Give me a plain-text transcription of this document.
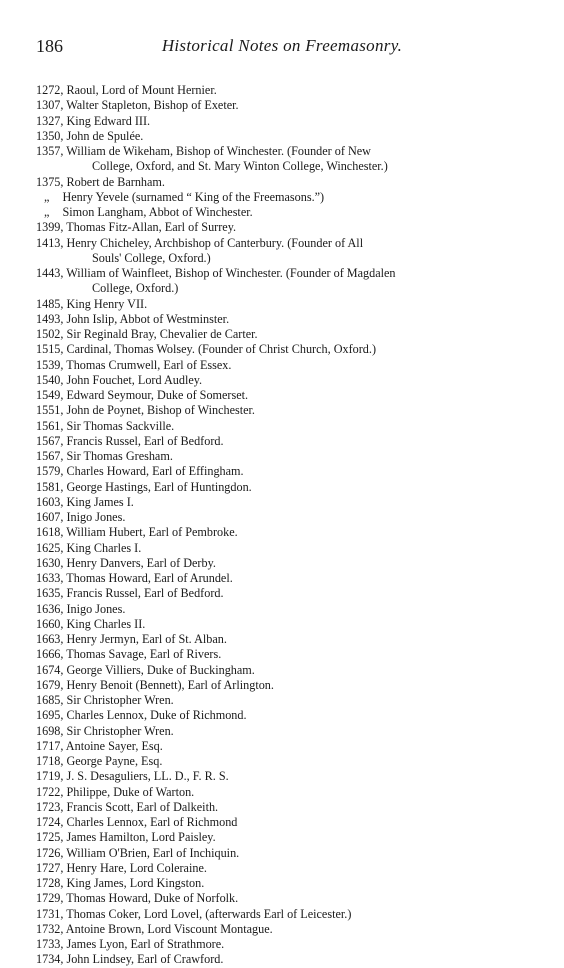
186	Historical Notes on Freemasonry.
1272, Raoul, Lord of Mount Hernier.
1307, Walter Stapleton, Bishop of Exeter.
1327, King Edward III.
1350, John de Spulée.
1357, William de Wikeham, Bishop of Winchester. (Founder of New
College, Oxford, and St. Mary Winton College, Winchester.)
1375, Robert de Barnham.
„ Henry Yevele (surnamed “ King of the Freemasons.”)
„ Simon Langham, Abbot of Winchester.
1399, Thomas Fitz-Allan, Earl of Surrey.
1413, Henry Chicheley, Archbishop of Canterbury. (Founder of All
Souls' College, Oxford.)
1443, William of Wainfleet, Bishop of Winchester. (Founder of Magdalen
College, Oxford.)
1485, King Henry VII.
1493, John Islip, Abbot of Westminster.
1502, Sir Reginald Bray, Chevalier de Carter.
1515, Cardinal, Thomas Wolsey. (Founder of Christ Church, Oxford.)
1539, Thomas Crumwell, Earl of Essex.
1540, John Fouchet, Lord Audley.
1549, Edward Seymour, Duke of Somerset.
1551, John de Poynet, Bishop of Winchester.
1561, Sir Thomas Sackville.
1567, Francis Russel, Earl of Bedford.
1567, Sir Thomas Gresham.
1579, Charles Howard, Earl of Effingham.
1581, George Hastings, Earl of Huntingdon.
1603, King James I.
1607, Inigo Jones.
1618, William Hubert, Earl of Pembroke.
1625, King Charles I.
1630, Henry Danvers, Earl of Derby.
1633, Thomas Howard, Earl of Arundel.
1635, Francis Russel, Earl of Bedford.
1636, Inigo Jones.
1660, King Charles II.
1663, Henry Jermyn, Earl of St. Alban.
1666, Thomas Savage, Earl of Rivers.
1674, George Villiers, Duke of Buckingham.
1679, Henry Benoit (Bennett), Earl of Arlington.
1685, Sir Christopher Wren.
1695, Charles Lennox, Duke of Richmond.
1698, Sir Christopher Wren.
1717, Antoine Sayer, Esq.
1718, George Payne, Esq.
1719, J. S. Desaguliers, LL. D., F. R. S.
1722, Philippe, Duke of Warton.
1723, Francis Scott, Earl of Dalkeith.
1724, Charles Lennox, Earl of Richmond
1725, James Hamilton, Lord Paisley.
1726, William O'Brien, Earl of Inchiquin.
1727, Henry Hare, Lord Coleraine.
1728, King James, Lord Kingston.
1729, Thomas Howard, Duke of Norfolk.
1731, Thomas Coker, Lord Lovel, (afterwards Earl of Leicester.)
1732, Antoine Brown, Lord Viscount Montague.
1733, James Lyon, Earl of Strathmore.
1734, John Lindsey, Earl of Crawford.
